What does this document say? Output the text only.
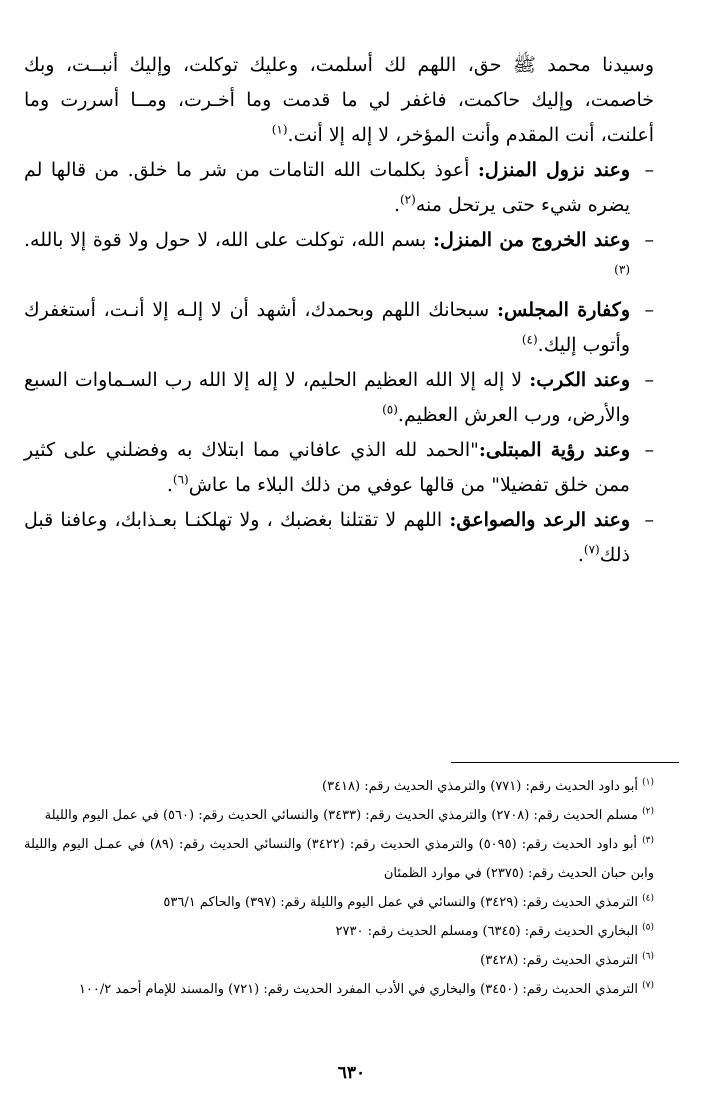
وسيدنا محمد ﷺ حق، اللهم لك أسلمت، وعليك توكلت، وإليك أنبــت، وبك خاصمت، وإليك حاكمت، فاغفر لي ما قدمت وما أخـرت، ومــا أسررت وما أعلنت، أنت المقدم وأنت المؤخر، لا إله إلا أنت.$^{(١)}$

–
وعند نزول المنزل: أعوذ بكلمات الله التامات من شر ما خلق. من قالها لم يضره شيء حتى يرتحل منه$^{(٢)}$.

–
وعند الخروج من المنزل: بسم الله، توكلت على الله، لا حول ولا قوة إلا بالله.$^{(٣)}$

–
وكفارة المجلس: سبحانك اللهم وبحمدك، أشهد أن لا إلـه إلا أنـت، أستغفرك وأتوب إليك.$^{(٤)}$

–
وعند الكرب: لا إله إلا الله العظيم الحليم، لا إله إلا الله رب السـماوات السبع والأرض، ورب العرش العظيم.$^{(٥)}$

–
وعند رؤية المبتلى:"الحمد لله الذي عافاني مما ابتلاك به وفضلني على كثير ممن خلق تفضيلا" من قالها عوفي من ذلك البلاء ما عاش$^{(٦)}$.

–
وعند الرعد والصواعق: اللهم لا تقتلنا بغضبك ، ولا تهلكنـا بعـذابك، وعافنا قبل ذلك$^{(٧)}$.

$^{(١)}$ أبو داود الحديث رقم: (٧٧١) والترمذي الحديث رقم: (٣٤١٨)

$^{(٢)}$ مسلم الحديث رقم: (٢٧٠٨) والترمذي الحديث رقم: (٣٤٣٣) والنسائي الحديث رقم: (٥٦٠) في عمل اليوم والليلة

$^{(٣)}$ أبو داود الحديث رقم: (٥٠٩٥) والترمذي الحديث رقم: (٣٤٢٢) والنسائي الحديث رقم: (٨٩) في عمـل اليوم والليلة وابن حبان الحديث رقم: (٢٣٧٥) في موارد الظمئان

$^{(٤)}$ الترمذي الحديث رقم: (٣٤٢٩) والنسائي في عمل اليوم والليلة رقم: (٣٩٧) والحاكم ٥٣٦/١

$^{(٥)}$ البخاري الحديث رقم: (٦٣٤٥) ومسلم الحديث رقم: ٢٧٣٠

$^{(٦)}$ الترمذي الحديث رقم: (٣٤٢٨)

$^{(٧)}$ الترمذي الحديث رقم: (٣٤٥٠) والبخاري في الأدب المفرد الحديث رقم: (٧٢١) والمسند للإمام أحمد ١٠٠/٢

٦٣٠
